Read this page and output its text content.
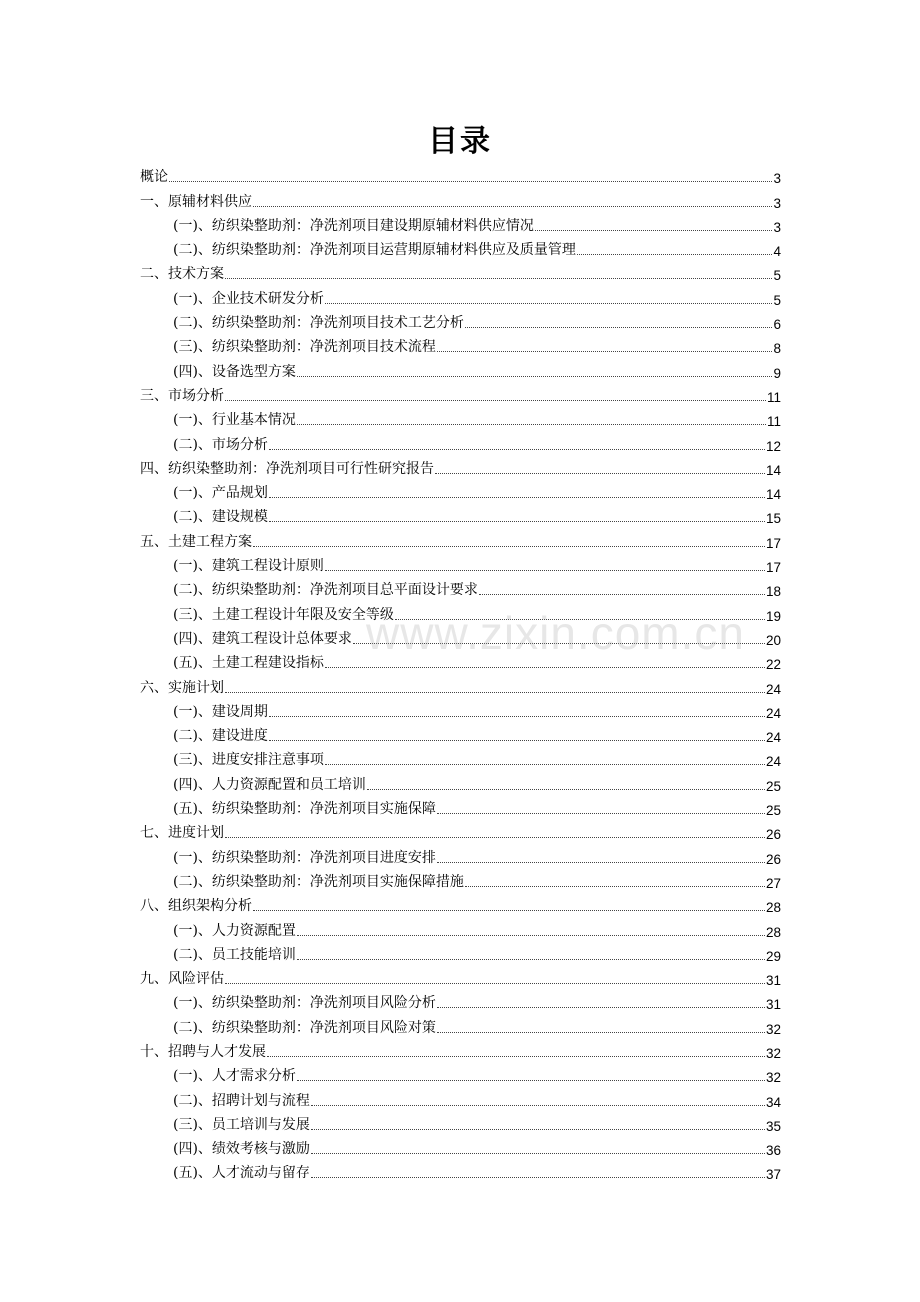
目录
概论	3
一、原辅材料供应	3
(一)、纺织染整助剂：净洗剂项目建设期原辅材料供应情况	3
(二)、纺织染整助剂：净洗剂项目运营期原辅材料供应及质量管理	4
二、技术方案	5
(一)、企业技术研发分析	5
(二)、纺织染整助剂：净洗剂项目技术工艺分析	6
(三)、纺织染整助剂：净洗剂项目技术流程	8
(四)、设备选型方案	9
三、市场分析	11
(一)、行业基本情况	11
(二)、市场分析	12
四、纺织染整助剂：净洗剂项目可行性研究报告	14
(一)、产品规划	14
(二)、建设规模	15
五、土建工程方案	17
(一)、建筑工程设计原则	17
(二)、纺织染整助剂：净洗剂项目总平面设计要求	18
(三)、土建工程设计年限及安全等级	19
(四)、建筑工程设计总体要求	20
(五)、土建工程建设指标	22
六、实施计划	24
(一)、建设周期	24
(二)、建设进度	24
(三)、进度安排注意事项	24
(四)、人力资源配置和员工培训	25
(五)、纺织染整助剂：净洗剂项目实施保障	25
七、进度计划	26
(一)、纺织染整助剂：净洗剂项目进度安排	26
(二)、纺织染整助剂：净洗剂项目实施保障措施	27
八、组织架构分析	28
(一)、人力资源配置	28
(二)、员工技能培训	29
九、风险评估	31
(一)、纺织染整助剂：净洗剂项目风险分析	31
(二)、纺织染整助剂：净洗剂项目风险对策	32
十、招聘与人才发展	32
(一)、人才需求分析	32
(二)、招聘计划与流程	34
(三)、员工培训与发展	35
(四)、绩效考核与激励	36
(五)、人才流动与留存	37
www.zixin.com.cn
